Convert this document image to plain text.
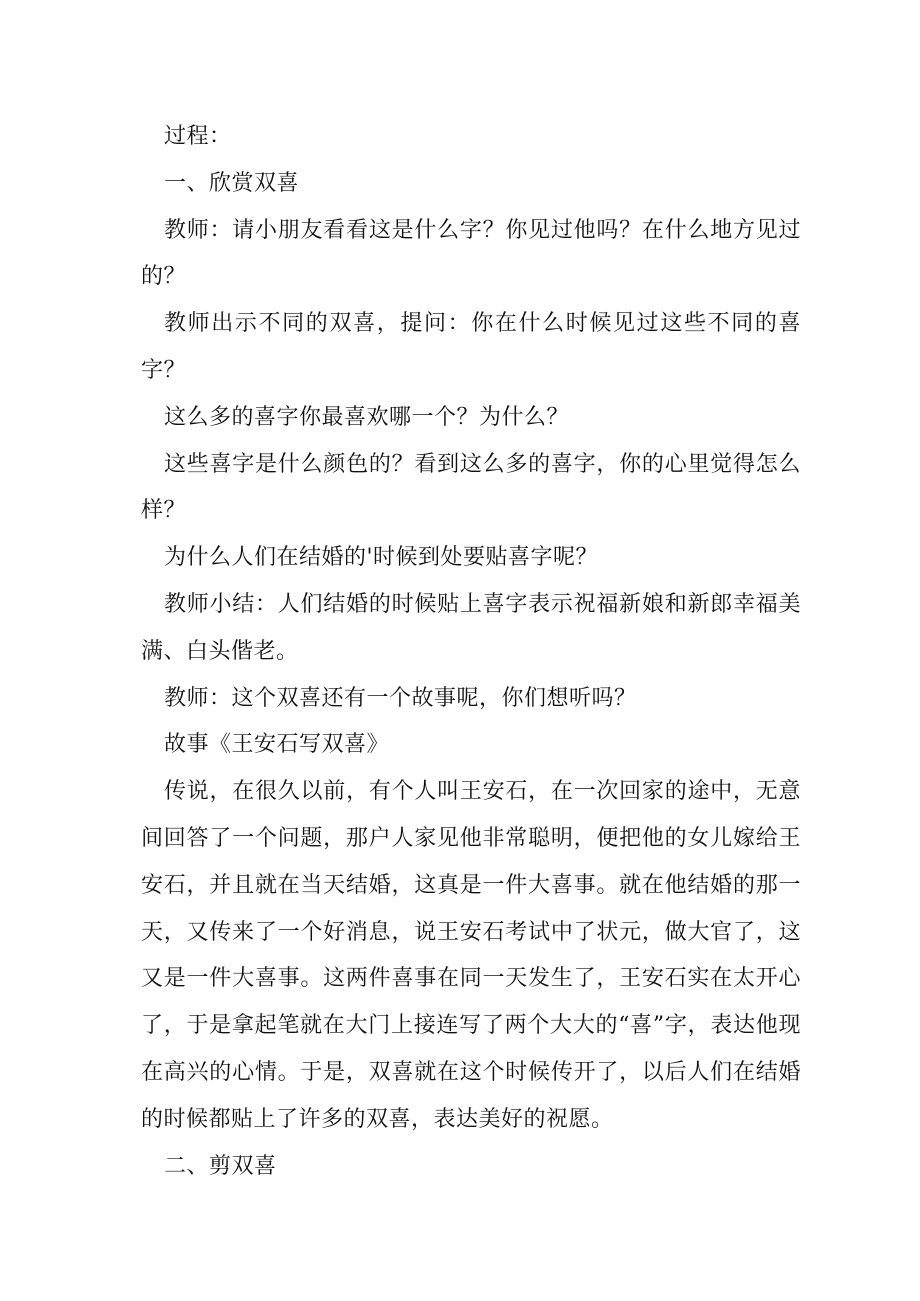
过程：

一、欣赏双喜

教师：请小朋友看看这是什么字？你见过他吗？在什么地方见过的？

教师出示不同的双喜，提问：你在什么时候见过这些不同的喜字？

这么多的喜字你最喜欢哪一个？为什么？

这些喜字是什么颜色的？看到这么多的喜字，你的心里觉得怎么样？

为什么人们在结婚的'时候到处要贴喜字呢？

教师小结：人们结婚的时候贴上喜字表示祝福新娘和新郎幸福美满、白头偕老。

教师：这个双喜还有一个故事呢，你们想听吗？

故事《王安石写双喜》

传说，在很久以前，有个人叫王安石，在一次回家的途中，无意间回答了一个问题，那户人家见他非常聪明，便把他的女儿嫁给王安石，并且就在当天结婚，这真是一件大喜事。就在他结婚的那一天，又传来了一个好消息，说王安石考试中了状元，做大官了，这又是一件大喜事。这两件喜事在同一天发生了，王安石实在太开心了，于是拿起笔就在大门上接连写了两个大大的“喜”字，表达他现在高兴的心情。于是，双喜就在这个时候传开了，以后人们在结婚的时候都贴上了许多的双喜，表达美好的祝愿。

二、剪双喜
